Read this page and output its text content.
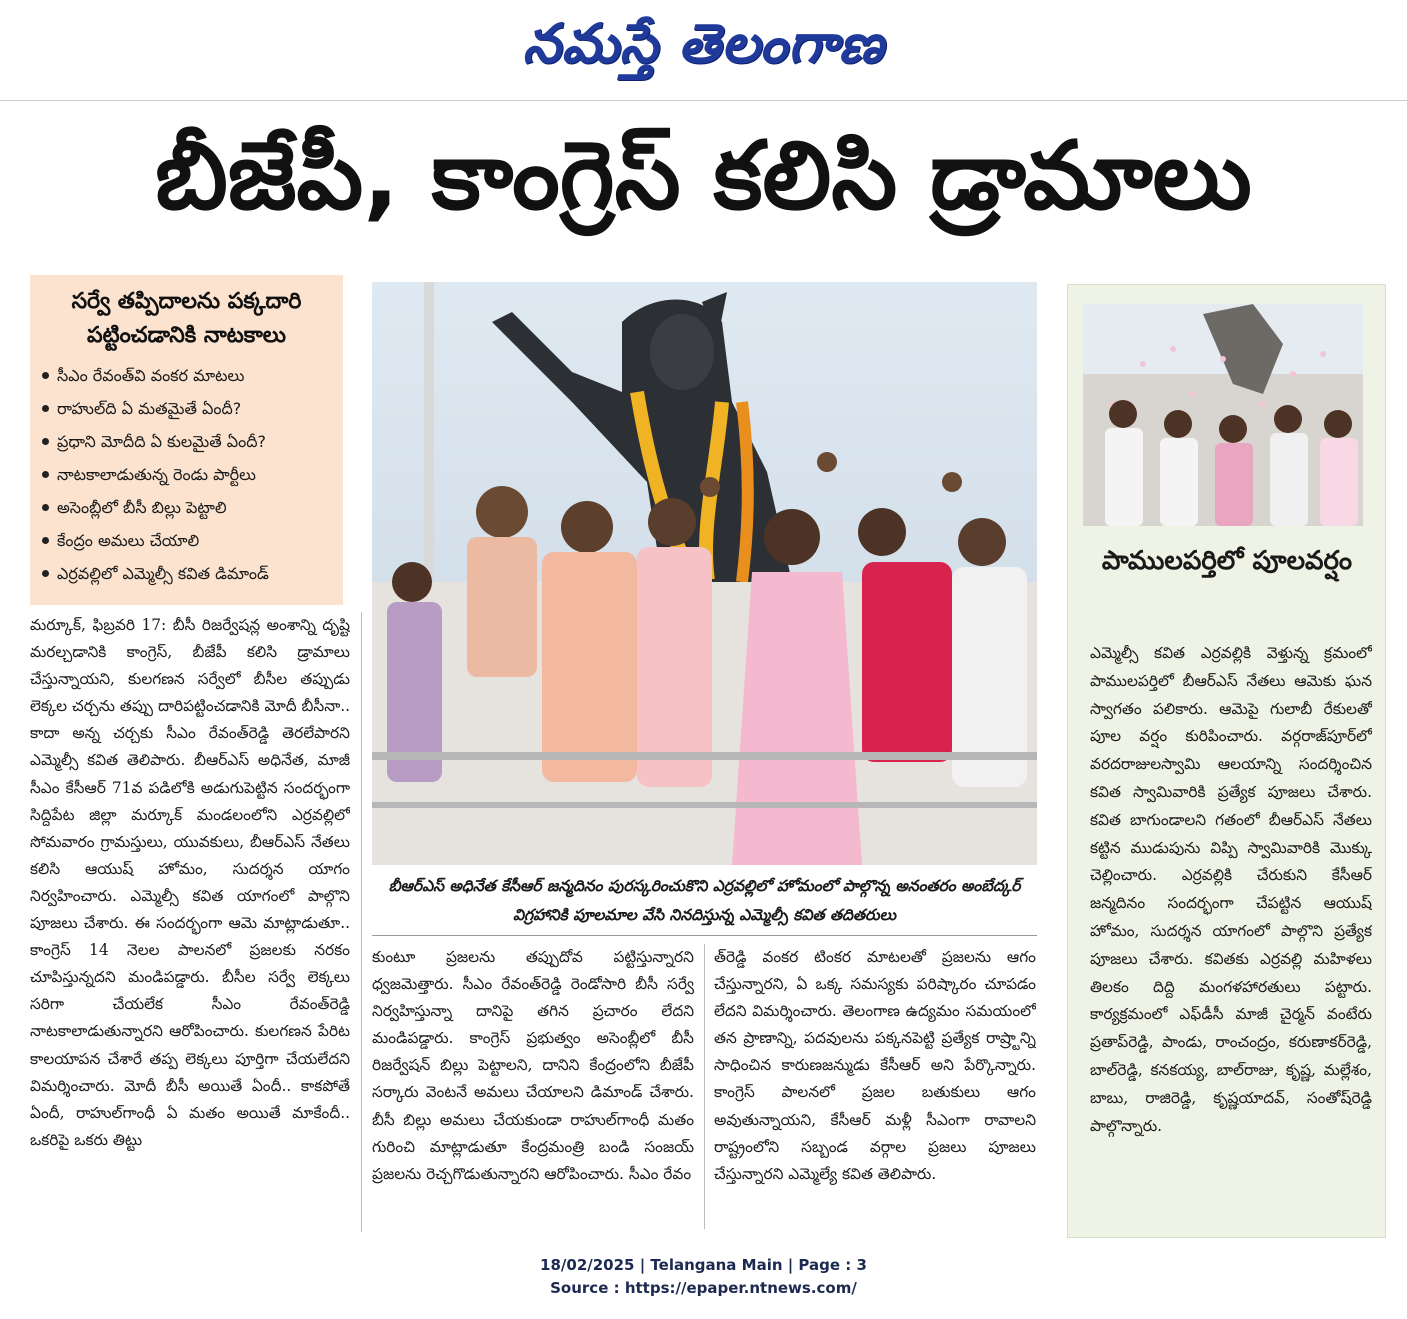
నమస్తే తెలంగాణ
బీజేపీ, కాంగ్రెస్ కలిసి డ్రామాలు
సర్వే తప్పిదాలను పక్కదారి పట్టించడానికి నాటకాలు
సీఎం రేవంత్‌వి వంకర మాటలు
రాహుల్‌ది ఏ మతమైతే ఏందీ?
ప్రధాని మోదీది ఏ కులమైతే ఏందీ?
నాటకాలాడుతున్న రెండు పార్టీలు
అసెంబ్లీలో బీసీ బిల్లు పెట్టాలి
కేంద్రం అమలు చేయాలి
ఎర్రవల్లిలో ఎమ్మెల్సీ కవిత డిమాండ్
మర్కూక్, ఫిబ్రవరి 17: బీసీ రిజర్వేషన్ల అంశాన్ని దృష్టి మరల్చడానికి కాంగ్రెస్, బీజేపీ కలిసి డ్రామాలు చేస్తున్నాయని, కులగణన సర్వేలో బీసీల తప్పుడు లెక్కల చర్చను తప్పు దారిపట్టించడానికి మోదీ బీసీనా.. కాదా అన్న చర్చకు సీఎం రేవంత్‌రెడ్డి తెరలేపారని ఎమ్మెల్సీ కవిత తెలిపారు. బీఆర్‌ఎస్ అధినేత, మాజీ సీఎం కేసీఆర్ 71వ పడిలోకి అడుగుపెట్టిన సందర్భంగా సిద్దిపేట జిల్లా మర్కూక్ మండలంలోని ఎర్రవల్లిలో సోమవారం గ్రామస్తులు, యువకులు, బీఆర్‌ఎస్ నేతలు కలిసి ఆయుష్ హోమం, సుదర్శన యాగం నిర్వహించారు. ఎమ్మెల్సీ కవిత యాగంలో పాల్గొని పూజలు చేశారు. ఈ సందర్భంగా ఆమె మాట్లాడుతూ.. కాంగ్రెస్ 14 నెలల పాలనలో ప్రజలకు నరకం చూపిస్తున్నదని మండిపడ్డారు. బీసీల సర్వే లెక్కలు సరిగా చేయలేక సీఎం రేవంత్‌రెడ్డి నాటకాలాడుతున్నారని ఆరోపించారు. కులగణన పేరిట కాలయాపన చేశారే తప్ప లెక్కలు పూర్తిగా చేయలేదని విమర్శించారు. మోదీ బీసీ అయితే ఏందీ.. కాకపోతే ఏందీ, రాహుల్‌గాంధీ ఏ మతం అయితే మాకేందీ.. ఒకరిపై ఒకరు తిట్టు
బీఆర్‌ఎస్ అధినేత కేసీఆర్ జన్మదినం పురస్కరించుకొని ఎర్రవల్లిలో హోమంలో పాల్గొన్న అనంతరం అంబేద్కర్ విగ్రహానికి పూలమాల వేసి నినదిస్తున్న ఎమ్మెల్సీ కవిత తదితరులు
కుంటూ ప్రజలను తప్పుదోవ పట్టిస్తున్నారని ధ్వజమెత్తారు. సీఎం రేవంత్‌రెడ్డి రెండోసారి బీసీ సర్వే నిర్వహిస్తున్నా దానిపై తగిన ప్రచారం లేదని మండిపడ్డారు. కాంగ్రెస్ ప్రభుత్వం అసెంబ్లీలో బీసీ రిజర్వేషన్ బిల్లు పెట్టాలని, దానిని కేంద్రంలోని బీజేపీ సర్కారు వెంటనే అమలు చేయాలని డిమాండ్ చేశారు. బీసీ బిల్లు అమలు చేయకుండా రాహుల్‌గాంధీ మతం గురించి మాట్లాడుతూ కేంద్రమంత్రి బండి సంజయ్ ప్రజలను రెచ్చగొడుతున్నారని ఆరోపించారు. సీఎం రేవం
త్‌రెడ్డి వంకర టింకర మాటలతో ప్రజలను ఆగం చేస్తున్నారని, ఏ ఒక్క సమస్యకు పరిష్కారం చూపడం లేదని విమర్శించారు. తెలంగాణ ఉద్యమం సమయంలో తన ప్రాణాన్ని, పదవులను పక్కనపెట్టి ప్రత్యేక రాష్ర్టాన్ని సాధించిన కారుణజన్ముడు కేసీఆర్ అని పేర్కొన్నారు. కాంగ్రెస్ పాలనలో ప్రజల బతుకులు ఆగం అవుతున్నాయని, కేసీఆర్ మళ్లీ సీఎంగా రావాలని రాష్ట్రంలోని సబ్బండ వర్గాల ప్రజలు పూజలు చేస్తున్నారని ఎమ్మెల్యే కవిత తెలిపారు.
పాములపర్తిలో పూలవర్షం
ఎమ్మెల్సీ కవిత ఎర్రవల్లికి వెళ్తున్న క్రమంలో పాములపర్తిలో బీఆర్‌ఎస్ నేతలు ఆమెకు ఘన స్వాగతం పలికారు. ఆమెపై గులాబీ రేకులతో పూల వర్షం కురిపించారు. వర్గరాజ్‌పూర్‌లో వరదరాజులస్వామి ఆలయాన్ని సందర్శించిన కవిత స్వామివారికి ప్రత్యేక పూజలు చేశారు. కవిత బాగుండాలని గతంలో బీఆర్‌ఎస్ నేతలు కట్టిన ముడుపును విప్పి స్వామివారికి మొక్కు చెల్లించారు. ఎర్రవల్లికి చేరుకుని కేసీఆర్ జన్మదినం సందర్భంగా చేపట్టిన ఆయుష్ హోమం, సుదర్శన యాగంలో పాల్గొని ప్రత్యేక పూజలు చేశారు. కవితకు ఎర్రవల్లి మహిళలు తిలకం దిద్ది మంగళహారతులు పట్టారు. కార్యక్రమంలో ఎఫ్‌డీసీ మాజీ చైర్మన్ వంటేరు ప్రతాప్‌రెడ్డి, పాండు, రాంచంద్రం, కరుణాకర్‌రెడ్డి, బాల్‌రెడ్డి, కనకయ్య, బాల్‌రాజు, కృష్ణ, మల్లేశం, బాబు, రాజిరెడ్డి, కృష్ణయాదవ్, సంతోష్‌రెడ్డి పాల్గొన్నారు.
18/02/2025 | Telangana Main | Page : 3
Source : https://epaper.ntnews.com/
